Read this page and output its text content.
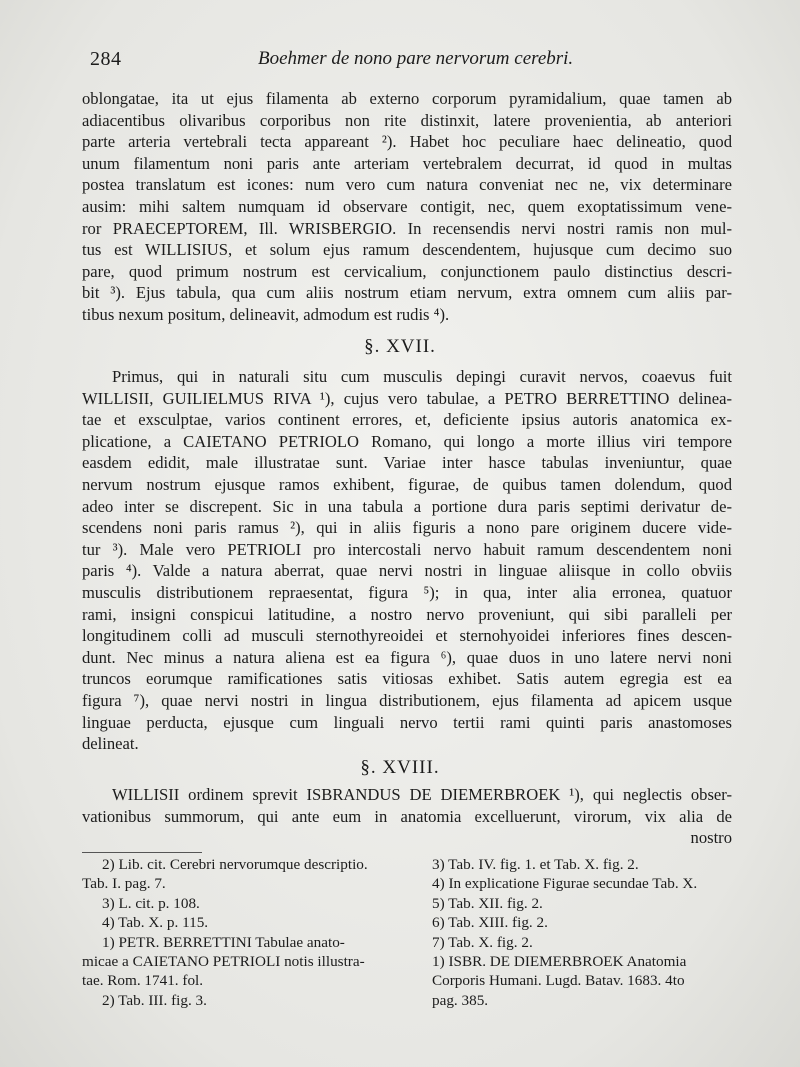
284	Boehmer de nono pare nervorum cerebri.
oblongatae, ita ut ejus filamenta ab externo corporum pyramidalium, quae tamen ab
adiacentibus olivaribus corporibus non rite distinxit, latere provenientia, ab anteriori
parte arteria vertebrali tecta appareant ²). Habet hoc peculiare haec delineatio, quod
unum filamentum noni paris ante arteriam vertebralem decurrat, id quod in multas
postea translatum est icones: num vero cum natura conveniat nec ne, vix determinare
ausim: mihi saltem numquam id observare contigit, nec, quem exoptatissimum vene-
ror PRAECEPTOREM, Ill. WRISBERGIO. In recensendis nervi nostri ramis non mul-
tus est WILLISIUS, et solum ejus ramum descendentem, hujusque cum decimo suo
pare, quod primum nostrum est cervicalium, conjunctionem paulo distinctius descri-
bit ³). Ejus tabula, qua cum aliis nostrum etiam nervum, extra omnem cum aliis par-
tibus nexum positum, delineavit, admodum est rudis ⁴).
§. XVII.
Primus, qui in naturali situ cum musculis depingi curavit nervos, coaevus fuit
WILLISII, GUILIELMUS RIVA ¹), cujus vero tabulae, a PETRO BERRETTINO delinea-
tae et exsculptae, varios continent errores, et, deficiente ipsius autoris anatomica ex-
plicatione, a CAIETANO PETRIOLO Romano, qui longo a morte illius viri tempore
easdem edidit, male illustratae sunt. Variae inter hasce tabulas inveniuntur, quae
nervum nostrum ejusque ramos exhibent, figurae, de quibus tamen dolendum, quod
adeo inter se discrepent. Sic in una tabula a portione dura paris septimi derivatur de-
scendens noni paris ramus ²), qui in aliis figuris a nono pare originem ducere vide-
tur ³). Male vero PETRIOLI pro intercostali nervo habuit ramum descendentem noni
paris ⁴). Valde a natura aberrat, quae nervi nostri in linguae aliisque in collo obviis
musculis distributionem repraesentat, figura ⁵); in qua, inter alia erronea, quatuor
rami, insigni conspicui latitudine, a nostro nervo proveniunt, qui sibi paralleli per
longitudinem colli ad musculi sternothyreoidei et sternohyoidei inferiores fines descen-
dunt. Nec minus a natura aliena est ea figura ⁶), quae duos in uno latere nervi noni
truncos eorumque ramificationes satis vitiosas exhibet. Satis autem egregia est ea
figura ⁷), quae nervi nostri in lingua distributionem, ejus filamenta ad apicem usque
linguae perducta, ejusque cum linguali nervo tertii rami quinti paris anastomoses
delineat.
§. XVIII.
WILLISII ordinem sprevit ISBRANDUS DE DIEMERBROEK ¹), qui neglectis obser-
vationibus summorum, qui ante eum in anatomia excelluerunt, virorum, vix alia de
nostro
2) Lib. cit. Cerebri nervorumque descriptio.
Tab. I. pag. 7.
3) L. cit. p. 108.
4) Tab. X. p. 115.
1) PETR. BERRETTINI Tabulae anato-
micae a CAIETANO PETRIOLI notis illustra-
tae. Rom. 1741. fol.
2) Tab. III. fig. 3.
3) Tab. IV. fig. 1. et Tab. X. fig. 2.
4) In explicatione Figurae secundae Tab. X.
5) Tab. XII. fig. 2.
6) Tab. XIII. fig. 2.
7) Tab. X. fig. 2.
1) ISBR. DE DIEMERBROEK Anatomia
Corporis Humani. Lugd. Batav. 1683. 4to
pag. 385.
